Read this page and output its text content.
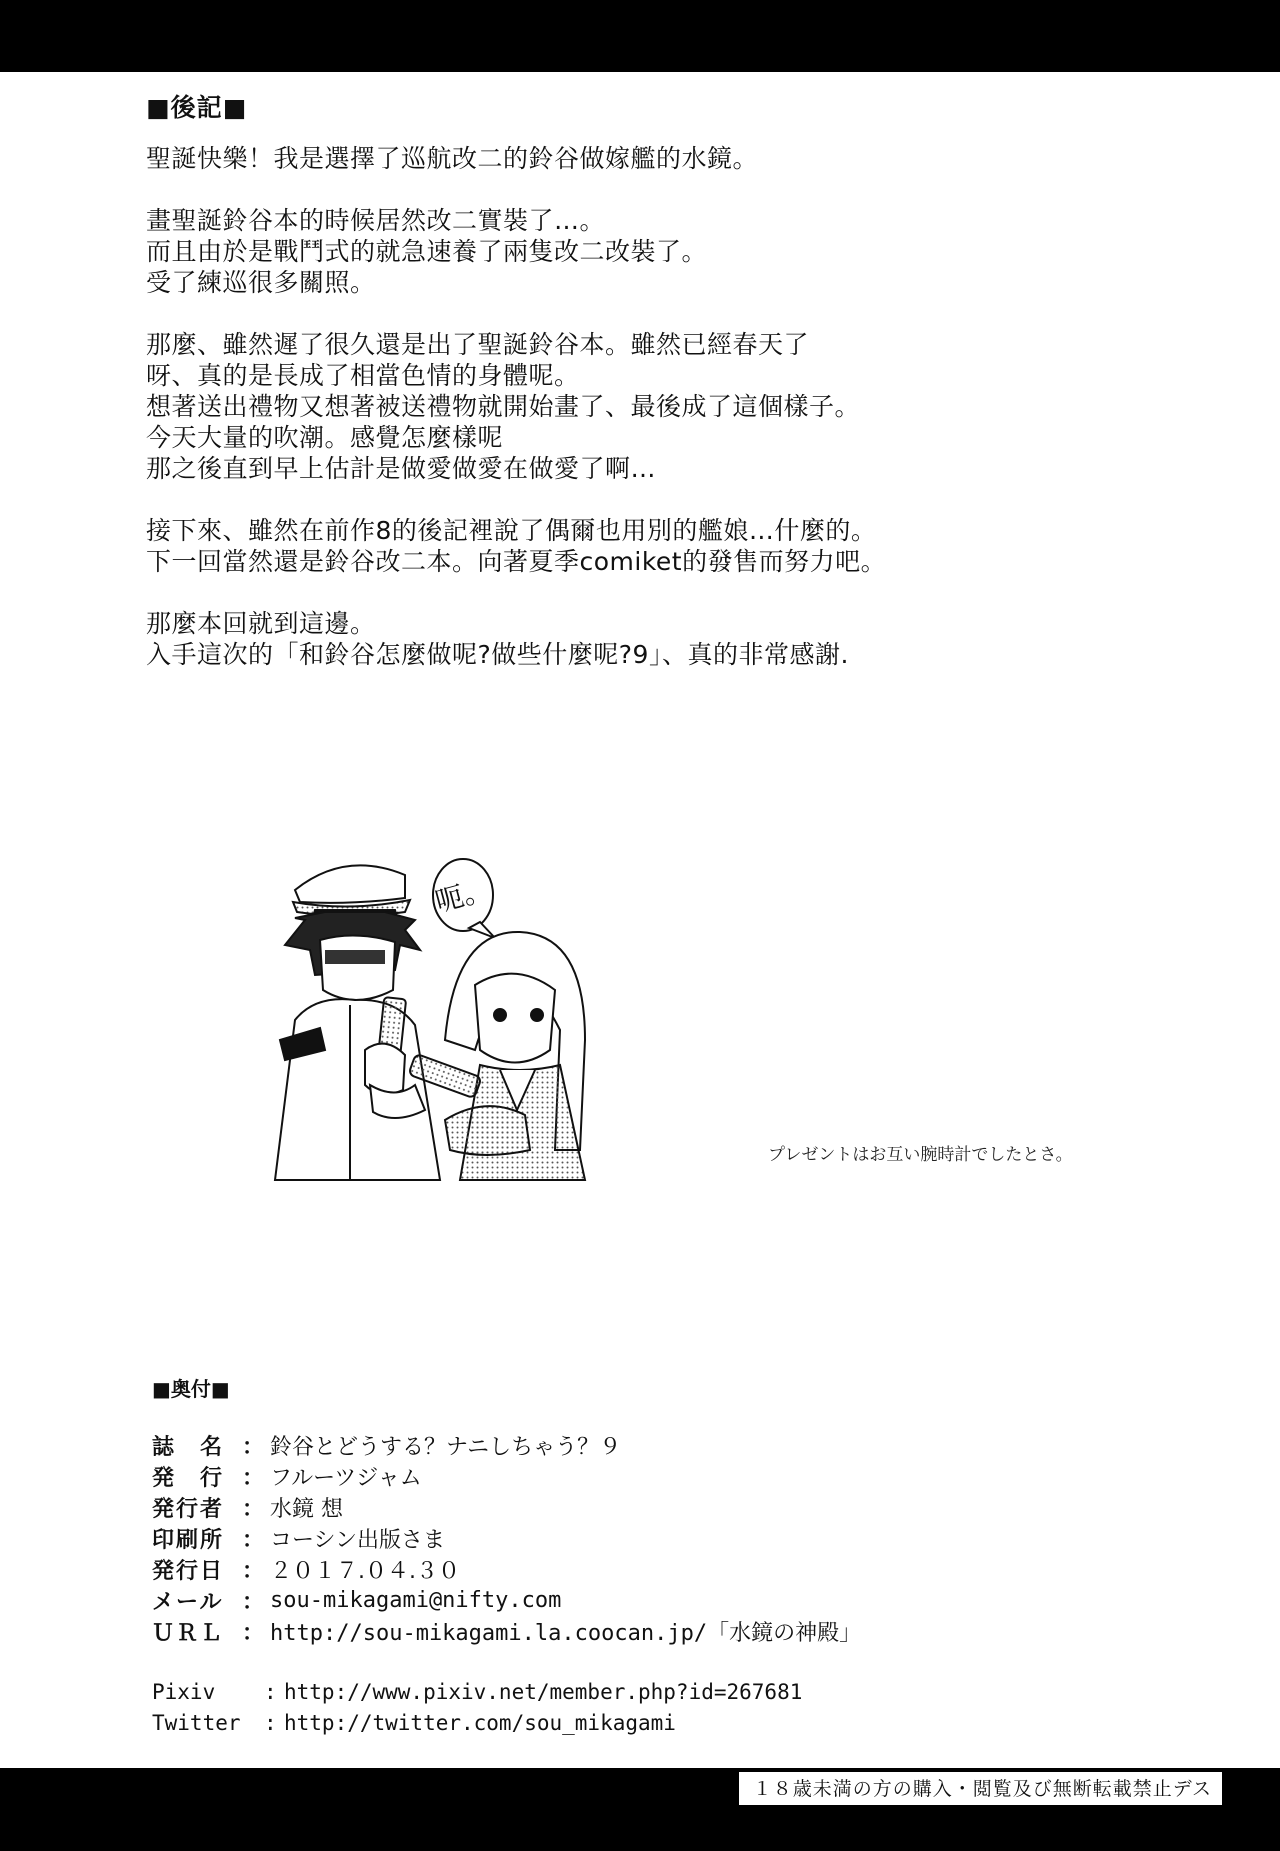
■後記■
聖誕快樂！我是選擇了巡航改二的鈴谷做嫁艦的水鏡。
畫聖誕鈴谷本的時候居然改二實裝了…。
而且由於是戰鬥式的就急速養了兩隻改二改裝了。
受了練巡很多關照。
那麼、雖然遲了很久還是出了聖誕鈴谷本。雖然已經春天了
呀、真的是長成了相當色情的身體呢。
想著送出禮物又想著被送禮物就開始畫了、最後成了這個樣子。
今天大量的吹潮。感覺怎麼樣呢
那之後直到早上估計是做愛做愛在做愛了啊…
接下來、雖然在前作8的後記裡說了偶爾也用別的艦娘…什麼的。
下一回當然還是鈴谷改二本。向著夏季comiket的發售而努力吧。
那麼本回就到這邊。
入手這次的「和鈴谷怎麼做呢?做些什麼呢?9」、真的非常感謝.
呃。
プレゼントはお互い腕時計でしたとさ。
■奥付■
誌　名 ： 鈴谷とどうする？ナニしちゃう？９
発　行 ： フルーツジャム
発行者 ： 水鏡 想
印刷所 ： コーシン出版さま
発行日 ： ２０１７.０４.３０
メール ： sou-mikagami@nifty.com
ＵＲＬ ： http://sou-mikagami.la.coocan.jp/「水鏡の神殿」
Pixiv	: http://www.pixiv.net/member.php?id=267681
Twitter	: http://twitter.com/sou_mikagami
１８歳未満の方の購入・閲覧及び無断転載禁止デス
